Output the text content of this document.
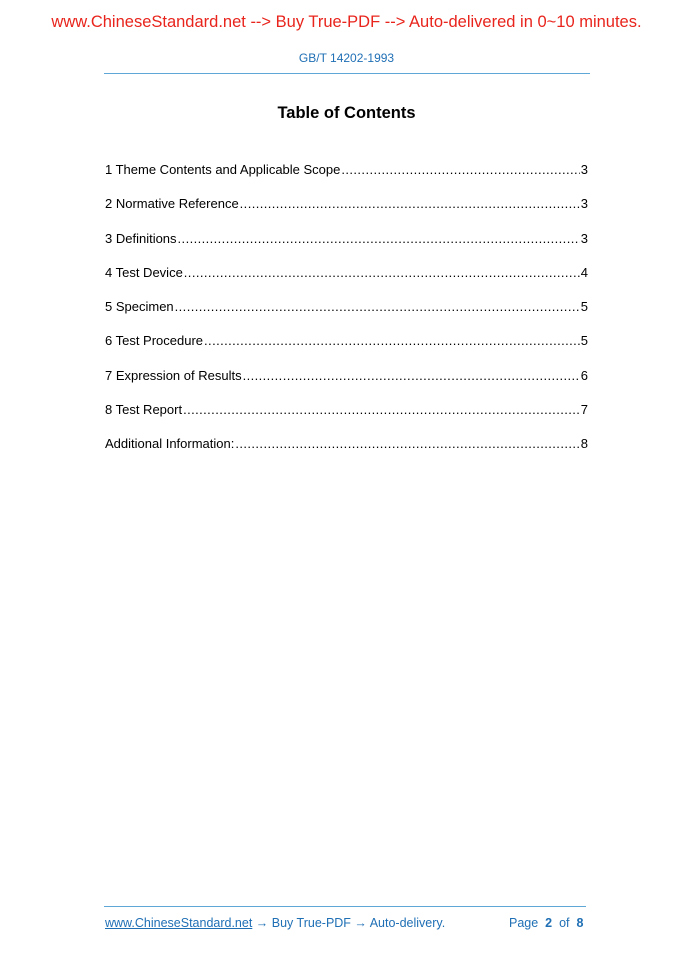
www.ChineseStandard.net --> Buy True-PDF --> Auto-delivered in 0~10 minutes.
GB/T 14202-1993
Table of Contents
1 Theme Contents and Applicable Scope .....	3
2 Normative Reference .....	3
3 Definitions .....	3
4 Test Device .....	4
5 Specimen .....	5
6 Test Procedure .....	5
7 Expression of Results .....	6
8 Test Report .....	7
Additional Information: .....	8
www.ChineseStandard.net → Buy True-PDF → Auto-delivery.	Page 2 of 8
